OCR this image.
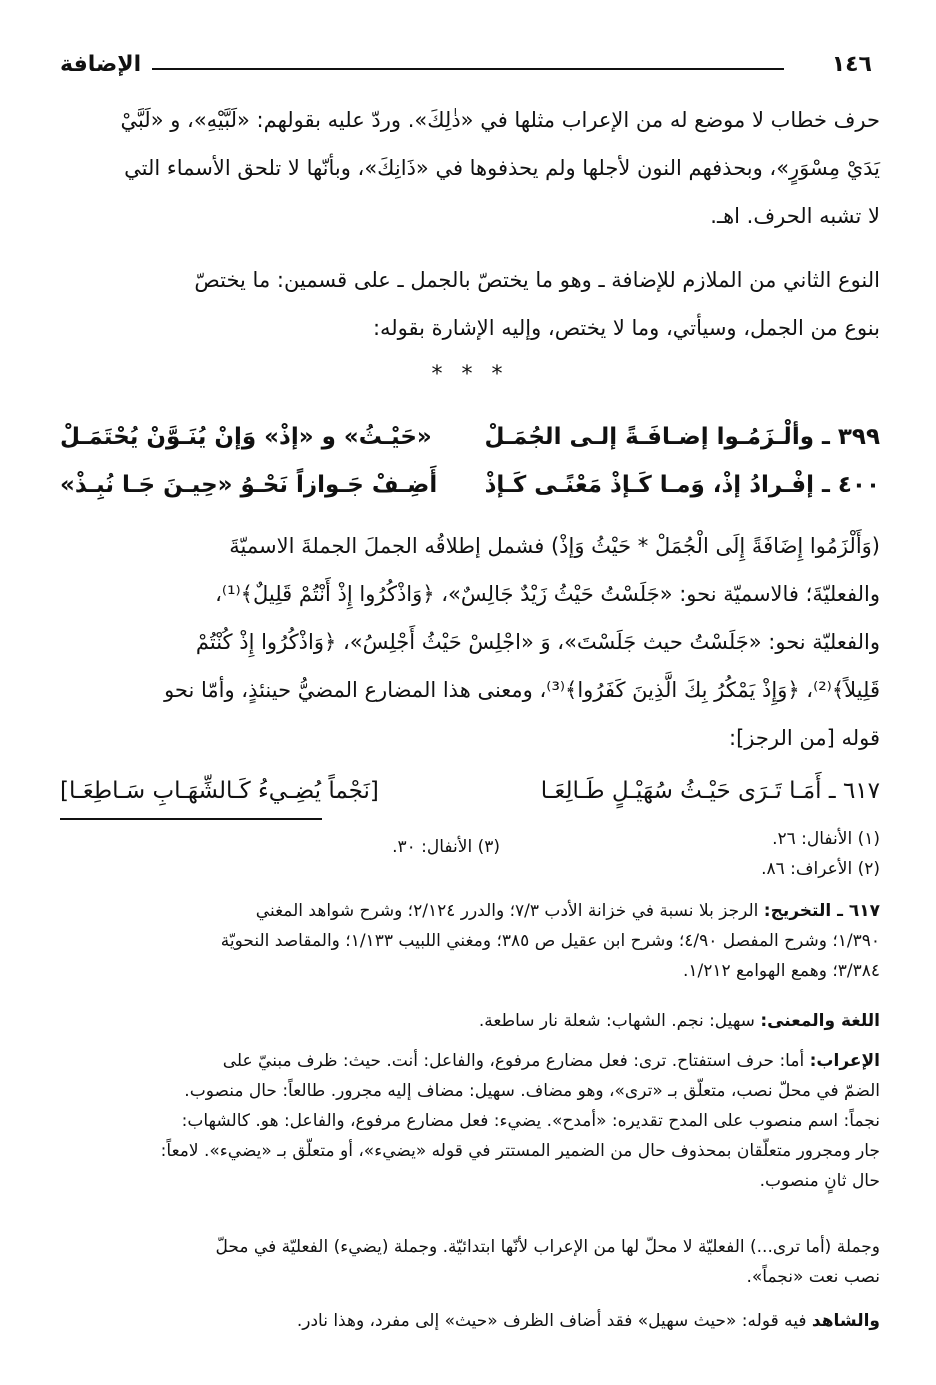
١٤٦
الإضافة
حرف خطاب لا موضع له من الإعراب مثلها في «ذٰلِكَ». وردّ عليه بقولهم: «لَبَّيْهِ»، و «لَبَّيْ
يَدَيْ مِسْوَرٍ»، وبحذفهم النون لأجلها ولم يحذفوها في «ذَانِكَ»، وبأنّها لا تلحق الأسماء التي
لا تشبه الحرف. اهـ.
النوع الثاني من الملازم للإضافة ـ وهو ما يختصّ بالجمل ـ على قسمين: ما يختصّ
بنوع من الجمل، وسيأتي، وما لا يختص، وإليه الإشارة بقوله:
* * *
٣٩٩ ـ وألْـزَمُـوا إضـافَـةً إلـى الجُمَـلْ
«حَيْـثُ» و «إذْ» وَإنْ يُنَـوَّنْ يُحْتَمَـلْ
٤٠٠ ـ إفْـرادُ إذْ، وَمـا كَـإذْ مَعْنًـى كَـإذْ
أَضِـفْ جَـوازاً نَحْـوُ «حِيـنَ جَـا نُبِـذْ»
(وَأَلْزَمُوا إِضَافَةً إِلَى الْجُمَلْ * حَيْثُ وَإذْ) فشمل إطلاقُه الجملَ الجملةَ الاسميّةَ
والفعليّةَ؛ فالاسميّة نحو: «جَلَسْتُ حَيْثُ زَيْدٌ جَالِسٌ»، ﴿وَاذْكُرُوا إِذْ أَنْتُمْ قَلِيلٌ﴾⁽¹⁾،
والفعليّة نحو: «جَلَسْتُ حيث جَلَسْتَ»، وَ «اجْلِسْ حَيْثُ أَجْلِسُ»، ﴿وَاذْكُرُوا إِذْ كُنْتُمْ
قَلِيلاً﴾⁽²⁾، ﴿وَإِذْ يَمْكُرُ بِكَ الَّذِينَ كَفَرُوا﴾⁽³⁾، ومعنى هذا المضارع المضيُّ حينئذٍ، وأمّا نحو
قوله [من الرجز]:
٦١٧ ـ أَمَـا تَـرَى حَيْـثُ سُهَيْـلٍ طَـالِعَـا
[نَجْماً يُضِـيءُ كَـالشِّهَـابِ سَـاطِعَـا]
(١) الأنفال: ٢٦.
(٣) الأنفال: ٣٠.
(٢) الأعراف: ٨٦.
٦١٧ ـ التخريج: الرجز بلا نسبة في خزانة الأدب ٧/٣؛ والدرر ٢/١٢٤؛ وشرح شواهد المغني
١/٣٩٠؛ وشرح المفصل ٤/٩٠؛ وشرح ابن عقيل ص ٣٨٥؛ ومغني اللبيب ١/١٣٣؛ والمقاصد النحويّة
٣/٣٨٤؛ وهمع الهوامع ١/٢١٢.
اللغة والمعنى: سهيل: نجم. الشهاب: شعلة نار ساطعة.
الإعراب: أما: حرف استفتاح. ترى: فعل مضارع مرفوع، والفاعل: أنت. حيث: ظرف مبنيّ على
الضمّ في محلّ نصب، متعلّق بـ «ترى»، وهو مضاف. سهيل: مضاف إليه مجرور. طالعاً: حال منصوب.
نجماً: اسم منصوب على المدح تقديره: «أمدح». يضيء: فعل مضارع مرفوع، والفاعل: هو. كالشهاب:
جار ومجرور متعلّقان بمحذوف حال من الضمير المستتر في قوله «يضيء»، أو متعلّق بـ «يضيء». لامعاً:
حال ثانٍ منصوب.
وجملة (أما ترى...) الفعليّة لا محلّ لها من الإعراب لأنّها ابتدائيّة. وجملة (يضيء) الفعليّة في محلّ
نصب نعت «نجماً».
والشاهد فيه قوله: «حيث سهيل» فقد أضاف الظرف «حيث» إلى مفرد، وهذا نادر.
